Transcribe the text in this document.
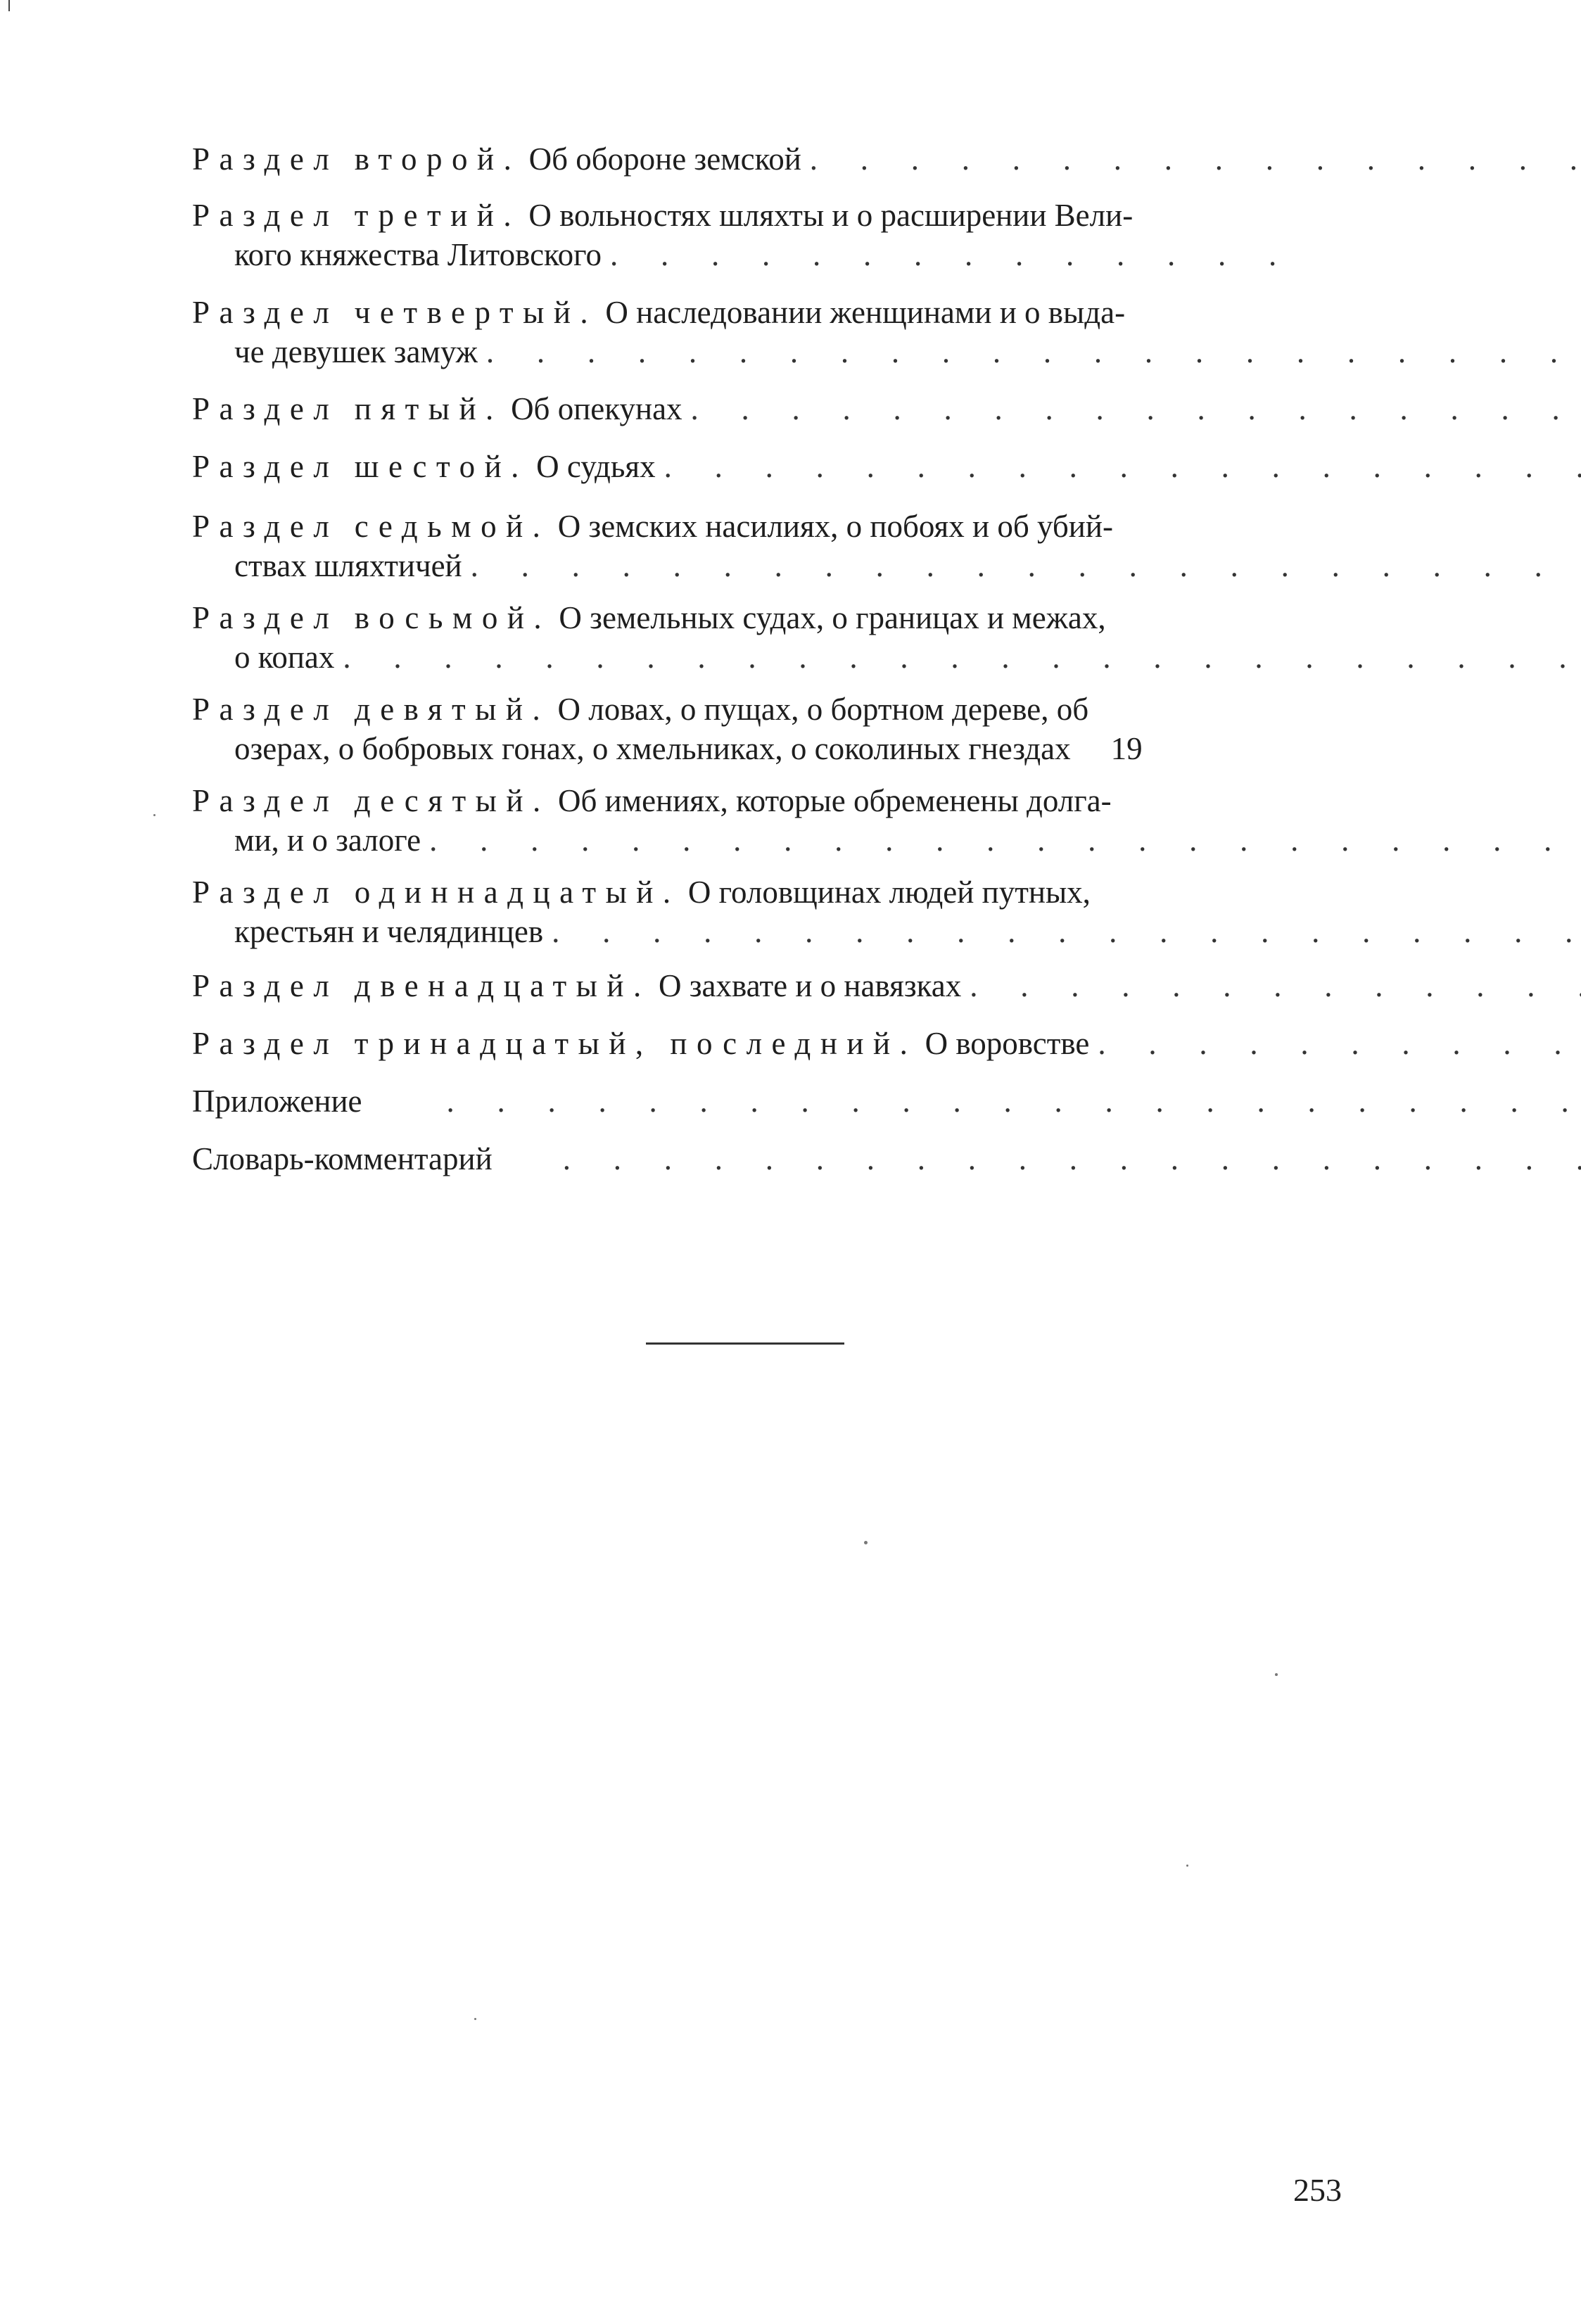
Раздел
второй.
Об обороне земской
. . .
Раздел
третий.
О вольностях шляхты и о расширении Вели-
кого княжества Литовского
. . .
Раздел
четвертый.
О наследовании женщинами и о выда-
че девушек замуж
. . .
Раздел
пятый.
Об опекунах
. . .
Раздел
шестой.
О судьях
. . .
Раздел
седьмой.
О земских насилиях, о побоях и об убий-
ствах шляхтичей
. . .
Раздел
восьмой.
О земельных судах, о границах и межах,
о копах
. . .
Раздел
девятый.
О ловах, о пущах, о бортном дереве, об
озерах, о бобровых гонах, о хмельниках, о соколиных гнездах	19
Раздел
десятый.
Об имениях, которые обременены долга-
ми, и о залоге
. . .
Раздел
одиннадцатый.
О головщинах людей путных,
крестьян и челядинцев
. . .
Раздел
двенадцатый.
О захвате и о навязках
. . .
Раздел
тринадцатый, последний.
О воровстве
. . .
Приложение
. . .
Словарь-комментарий
. . .
253
